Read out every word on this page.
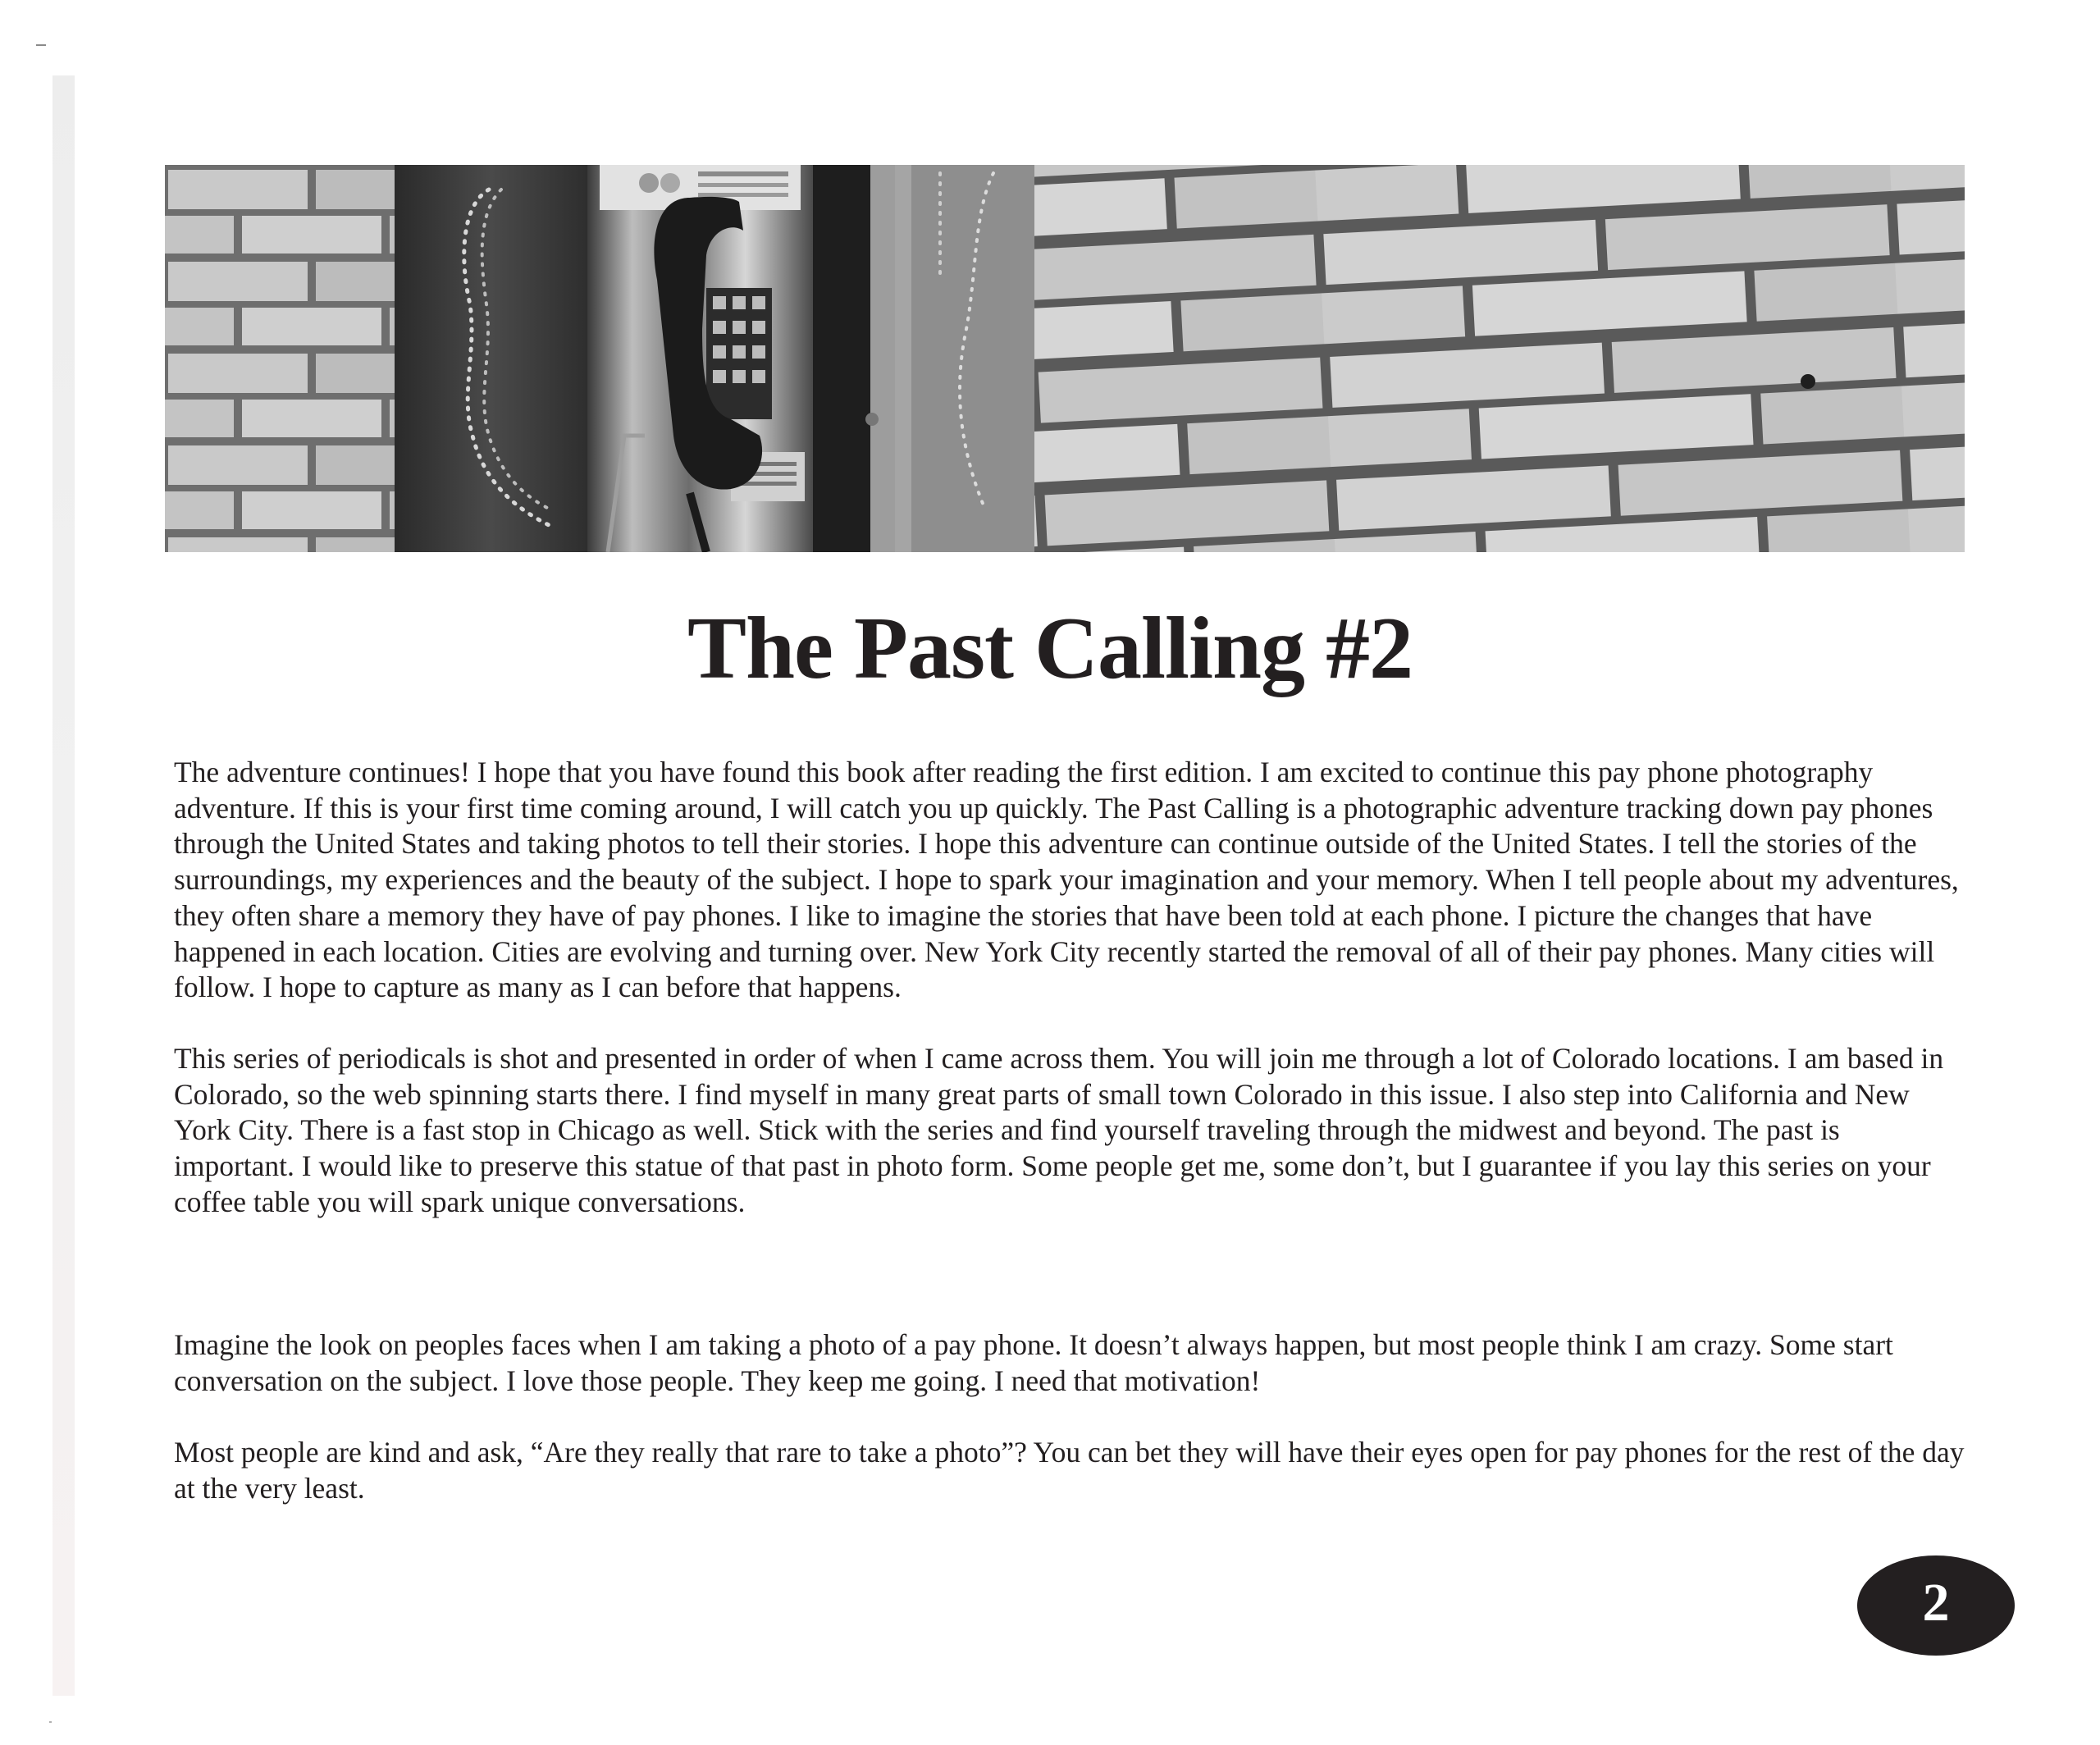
The Past Calling #2

The adventure continues! I hope that you have found this book after reading the first edition. I am excited to continue this pay phone photography adventure. If this is your first time coming around, I will catch you up quickly. The Past Calling is a photographic adventure tracking down pay phones through the United States and taking photos to tell their stories. I hope this adventure can continue outside of the United States. I tell the stories of the surroundings, my experiences and the beauty of the subject. I hope to spark your imagination and your memory. When I tell people about my adventures, they often share a memory they have of pay phones. I like to imagine the stories that have been told at each phone. I picture the changes that have happened in each location. Cities are evolving and turning over. New York City recently started the removal of all of their pay phones. Many cities will follow. I hope to capture as many as I can before that happens.

This series of periodicals is shot and presented in order of when I came across them. You will join me through a lot of Colorado locations. I am based in Colorado, so the web spinning starts there. I find myself in many great parts of small town Colorado in this issue. I also step into California and New York City. There is a fast stop in Chicago as well. Stick with the series and find yourself traveling through the midwest and beyond. The past is important. I would like to preserve this statue of that past in photo form. Some people get me, some don’t, but I guarantee if you lay this series on your coffee table you will spark unique conversations.

Imagine the look on peoples faces when I am taking a photo of a pay phone. It doesn’t always happen, but most people think I am crazy. Some start conversation on the subject. I love those people. They keep me going. I need that motivation!

Most people are kind and ask, “Are they really that rare to take a photo”? You can bet they will have their eyes open for pay phones for the rest of the day at the very least.

2
